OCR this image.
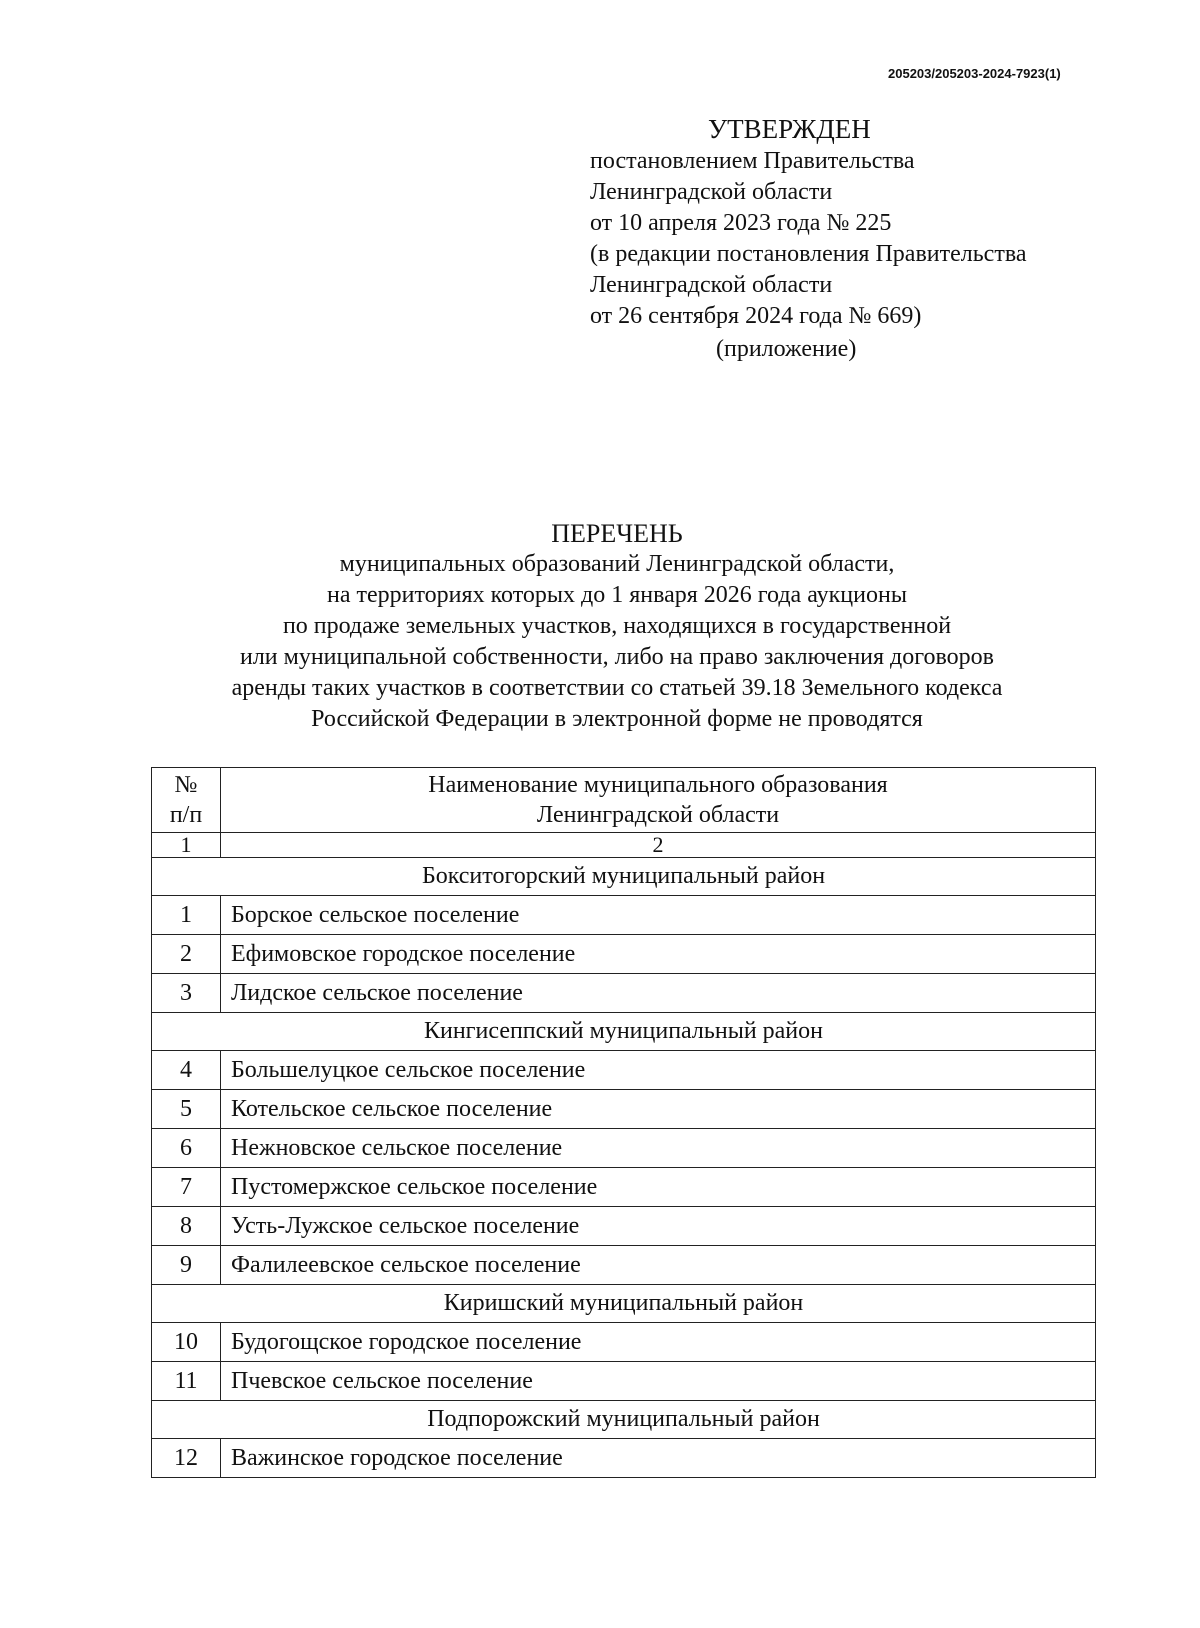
205203/205203-2024-7923(1)
УТВЕРЖДЕН
постановлением Правительства
Ленинградской области
от 10 апреля 2023 года № 225
(в редакции постановления Правительства
Ленинградской области
от 26 сентября 2024 года № 669)
(приложение)
ПЕРЕЧЕНЬ
муниципальных образований Ленинградской области,
на территориях которых до 1 января 2026 года аукционы
по продаже земельных участков, находящихся в государственной
или муниципальной собственности, либо на право заключения договоров
аренды таких участков в соответствии со статьей 39.18 Земельного кодекса
Российской Федерации в электронной форме не проводятся
№
п/п	Наименование муниципального образования
Ленинградской области

1	2
Бокситогорский муниципальный район	
1	Борское сельское поселение
2	Ефимовское городское поселение
3	Лидское сельское поселение
Кингисеппский муниципальный район	
4	Большелуцкое сельское поселение
5	Котельское сельское поселение
6	Нежновское сельское поселение
7	Пустомержское сельское поселение
8	Усть-Лужское сельское поселение
9	Фалилеевское сельское поселение
Киришский муниципальный район	
10	Будогощское городское поселение
11	Пчевское сельское поселение
Подпорожский муниципальный район	
12	Важинское городское поселение
